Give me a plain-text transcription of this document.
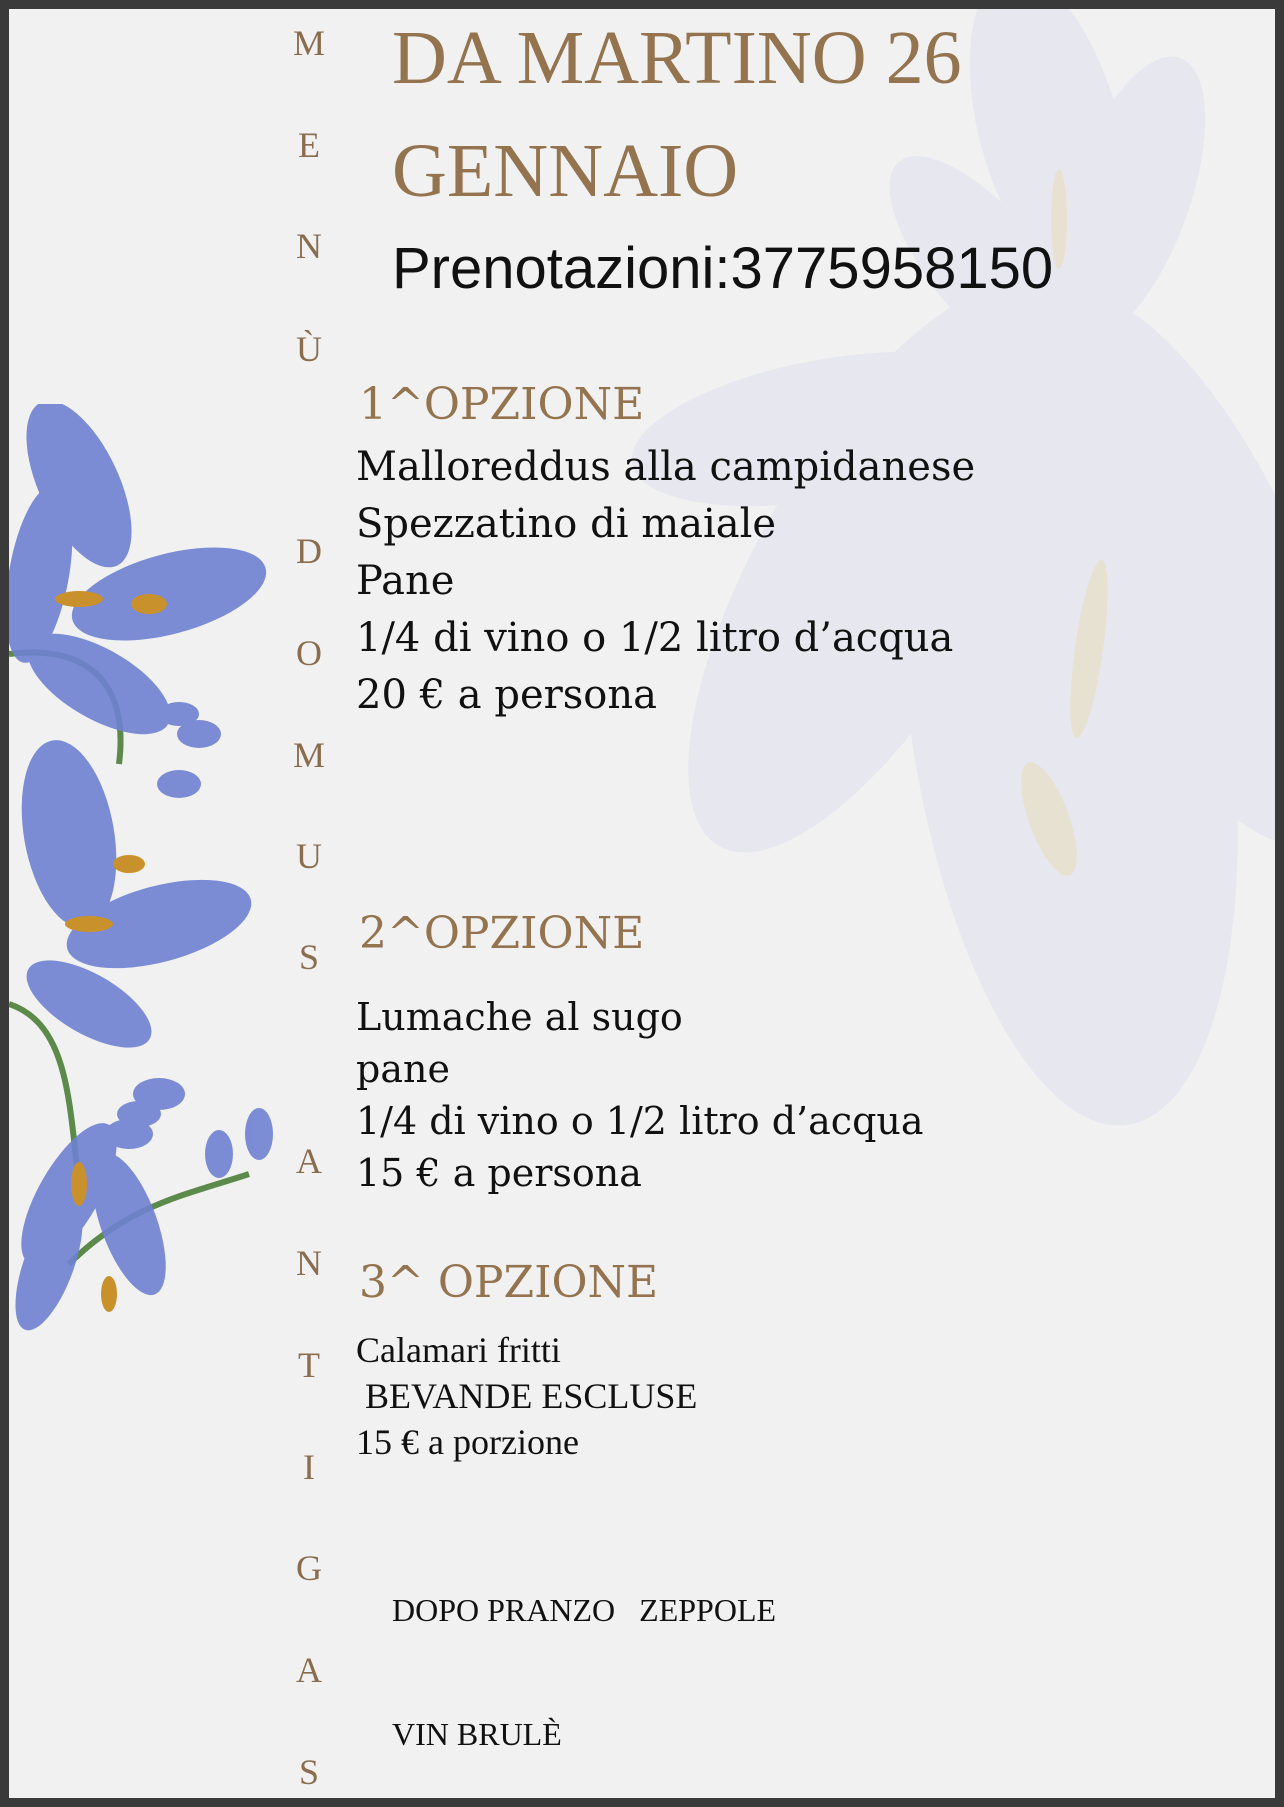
M
E
N
Ù
D
O
M
U
S
A
N
T
I
G
A
S
DA MARTINO 26
GENNAIO
Prenotazioni:3775958150
1^OPZIONE
Malloreddus alla campidanese
Spezzatino di maiale
Pane
1/4 di vino o 1/2 litro d’acqua
20 € a persona
2^OPZIONE
Lumache al sugo
pane
1/4 di vino o 1/2 litro d’acqua
15 € a persona
3^ OPZIONE
Calamari fritti
BEVANDE ESCLUSE
15 € a porzione
DOPO PRANZO   ZEPPOLE
VIN BRULÈ
